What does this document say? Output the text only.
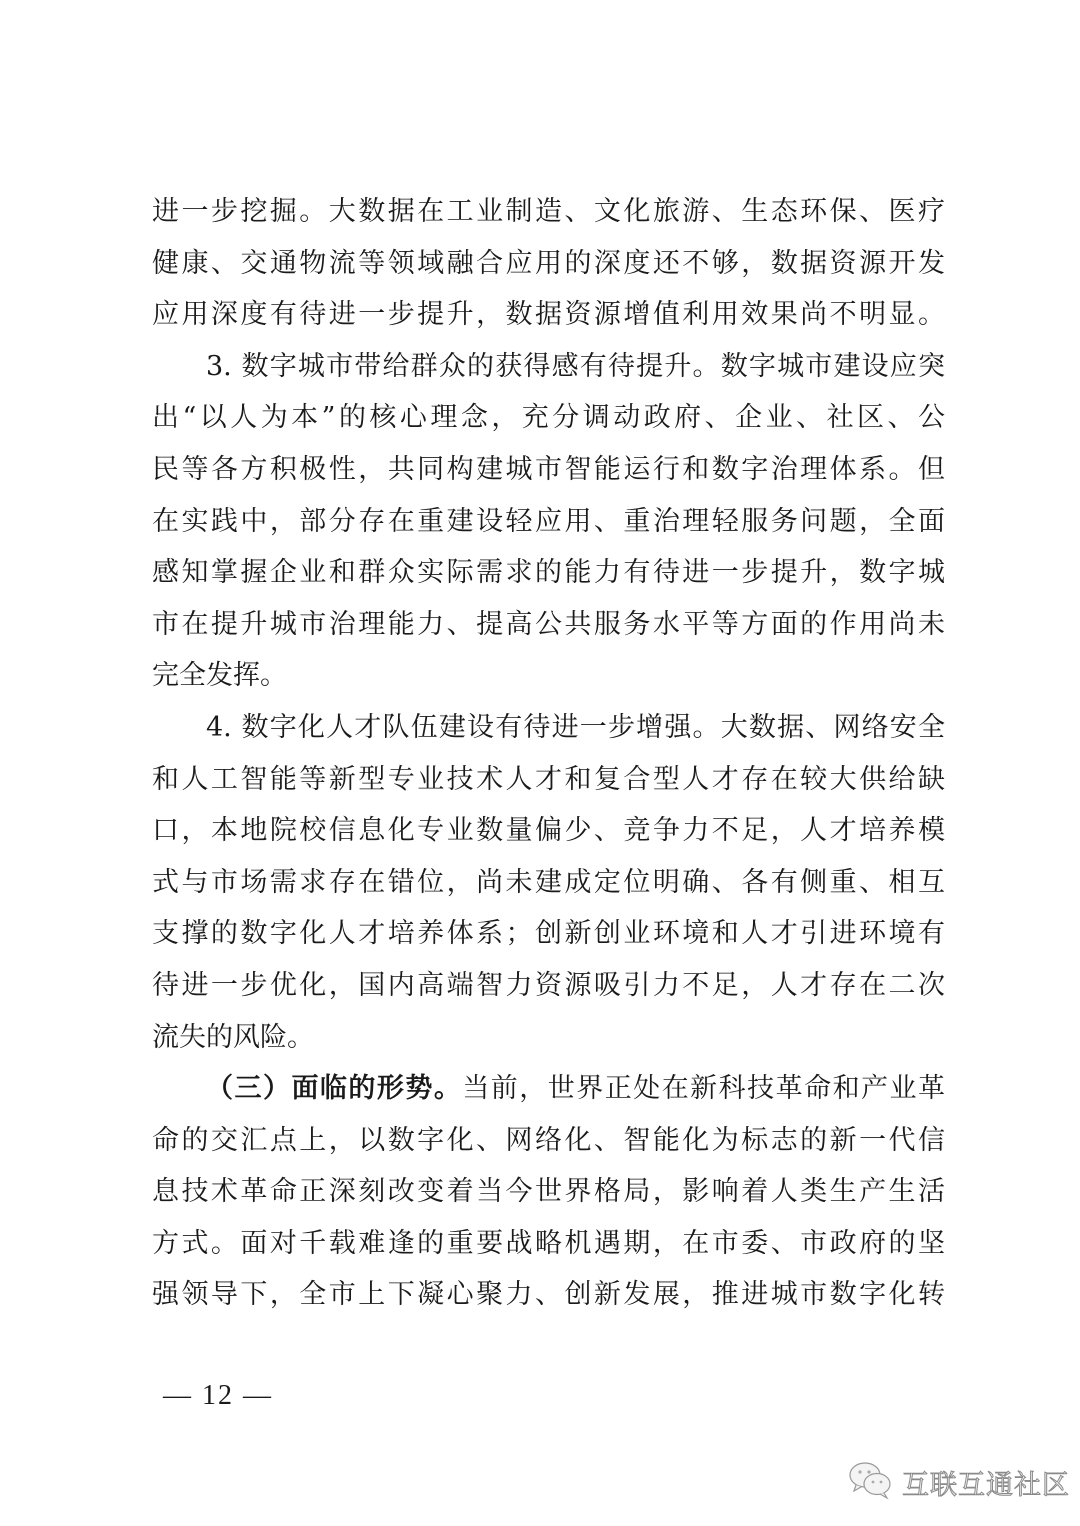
进一步挖掘。大数据在工业制造、文化旅游、生态环保、医疗
健康、交通物流等领域融合应用的深度还不够，数据资源开发
应用深度有待进一步提升，数据资源增值利用效果尚不明显。
3. 数字城市带给群众的获得感有待提升。数字城市建设应突
出“以人为本”的核心理念，充分调动政府、企业、社区、公
民等各方积极性，共同构建城市智能运行和数字治理体系。但
在实践中，部分存在重建设轻应用、重治理轻服务问题，全面
感知掌握企业和群众实际需求的能力有待进一步提升，数字城
市在提升城市治理能力、提高公共服务水平等方面的作用尚未
完全发挥。
4. 数字化人才队伍建设有待进一步增强。大数据、网络安全
和人工智能等新型专业技术人才和复合型人才存在较大供给缺
口，本地院校信息化专业数量偏少、竞争力不足，人才培养模
式与市场需求存在错位，尚未建成定位明确、各有侧重、相互
支撑的数字化人才培养体系；创新创业环境和人才引进环境有
待进一步优化，国内高端智力资源吸引力不足，人才存在二次
流失的风险。
（三）面临的形势。当前，世界正处在新科技革命和产业革
命的交汇点上，以数字化、网络化、智能化为标志的新一代信
息技术革命正深刻改变着当今世界格局，影响着人类生产生活
方式。面对千载难逢的重要战略机遇期，在市委、市政府的坚
强领导下，全市上下凝心聚力、创新发展，推进城市数字化转
— 12 —
互联互通社区
